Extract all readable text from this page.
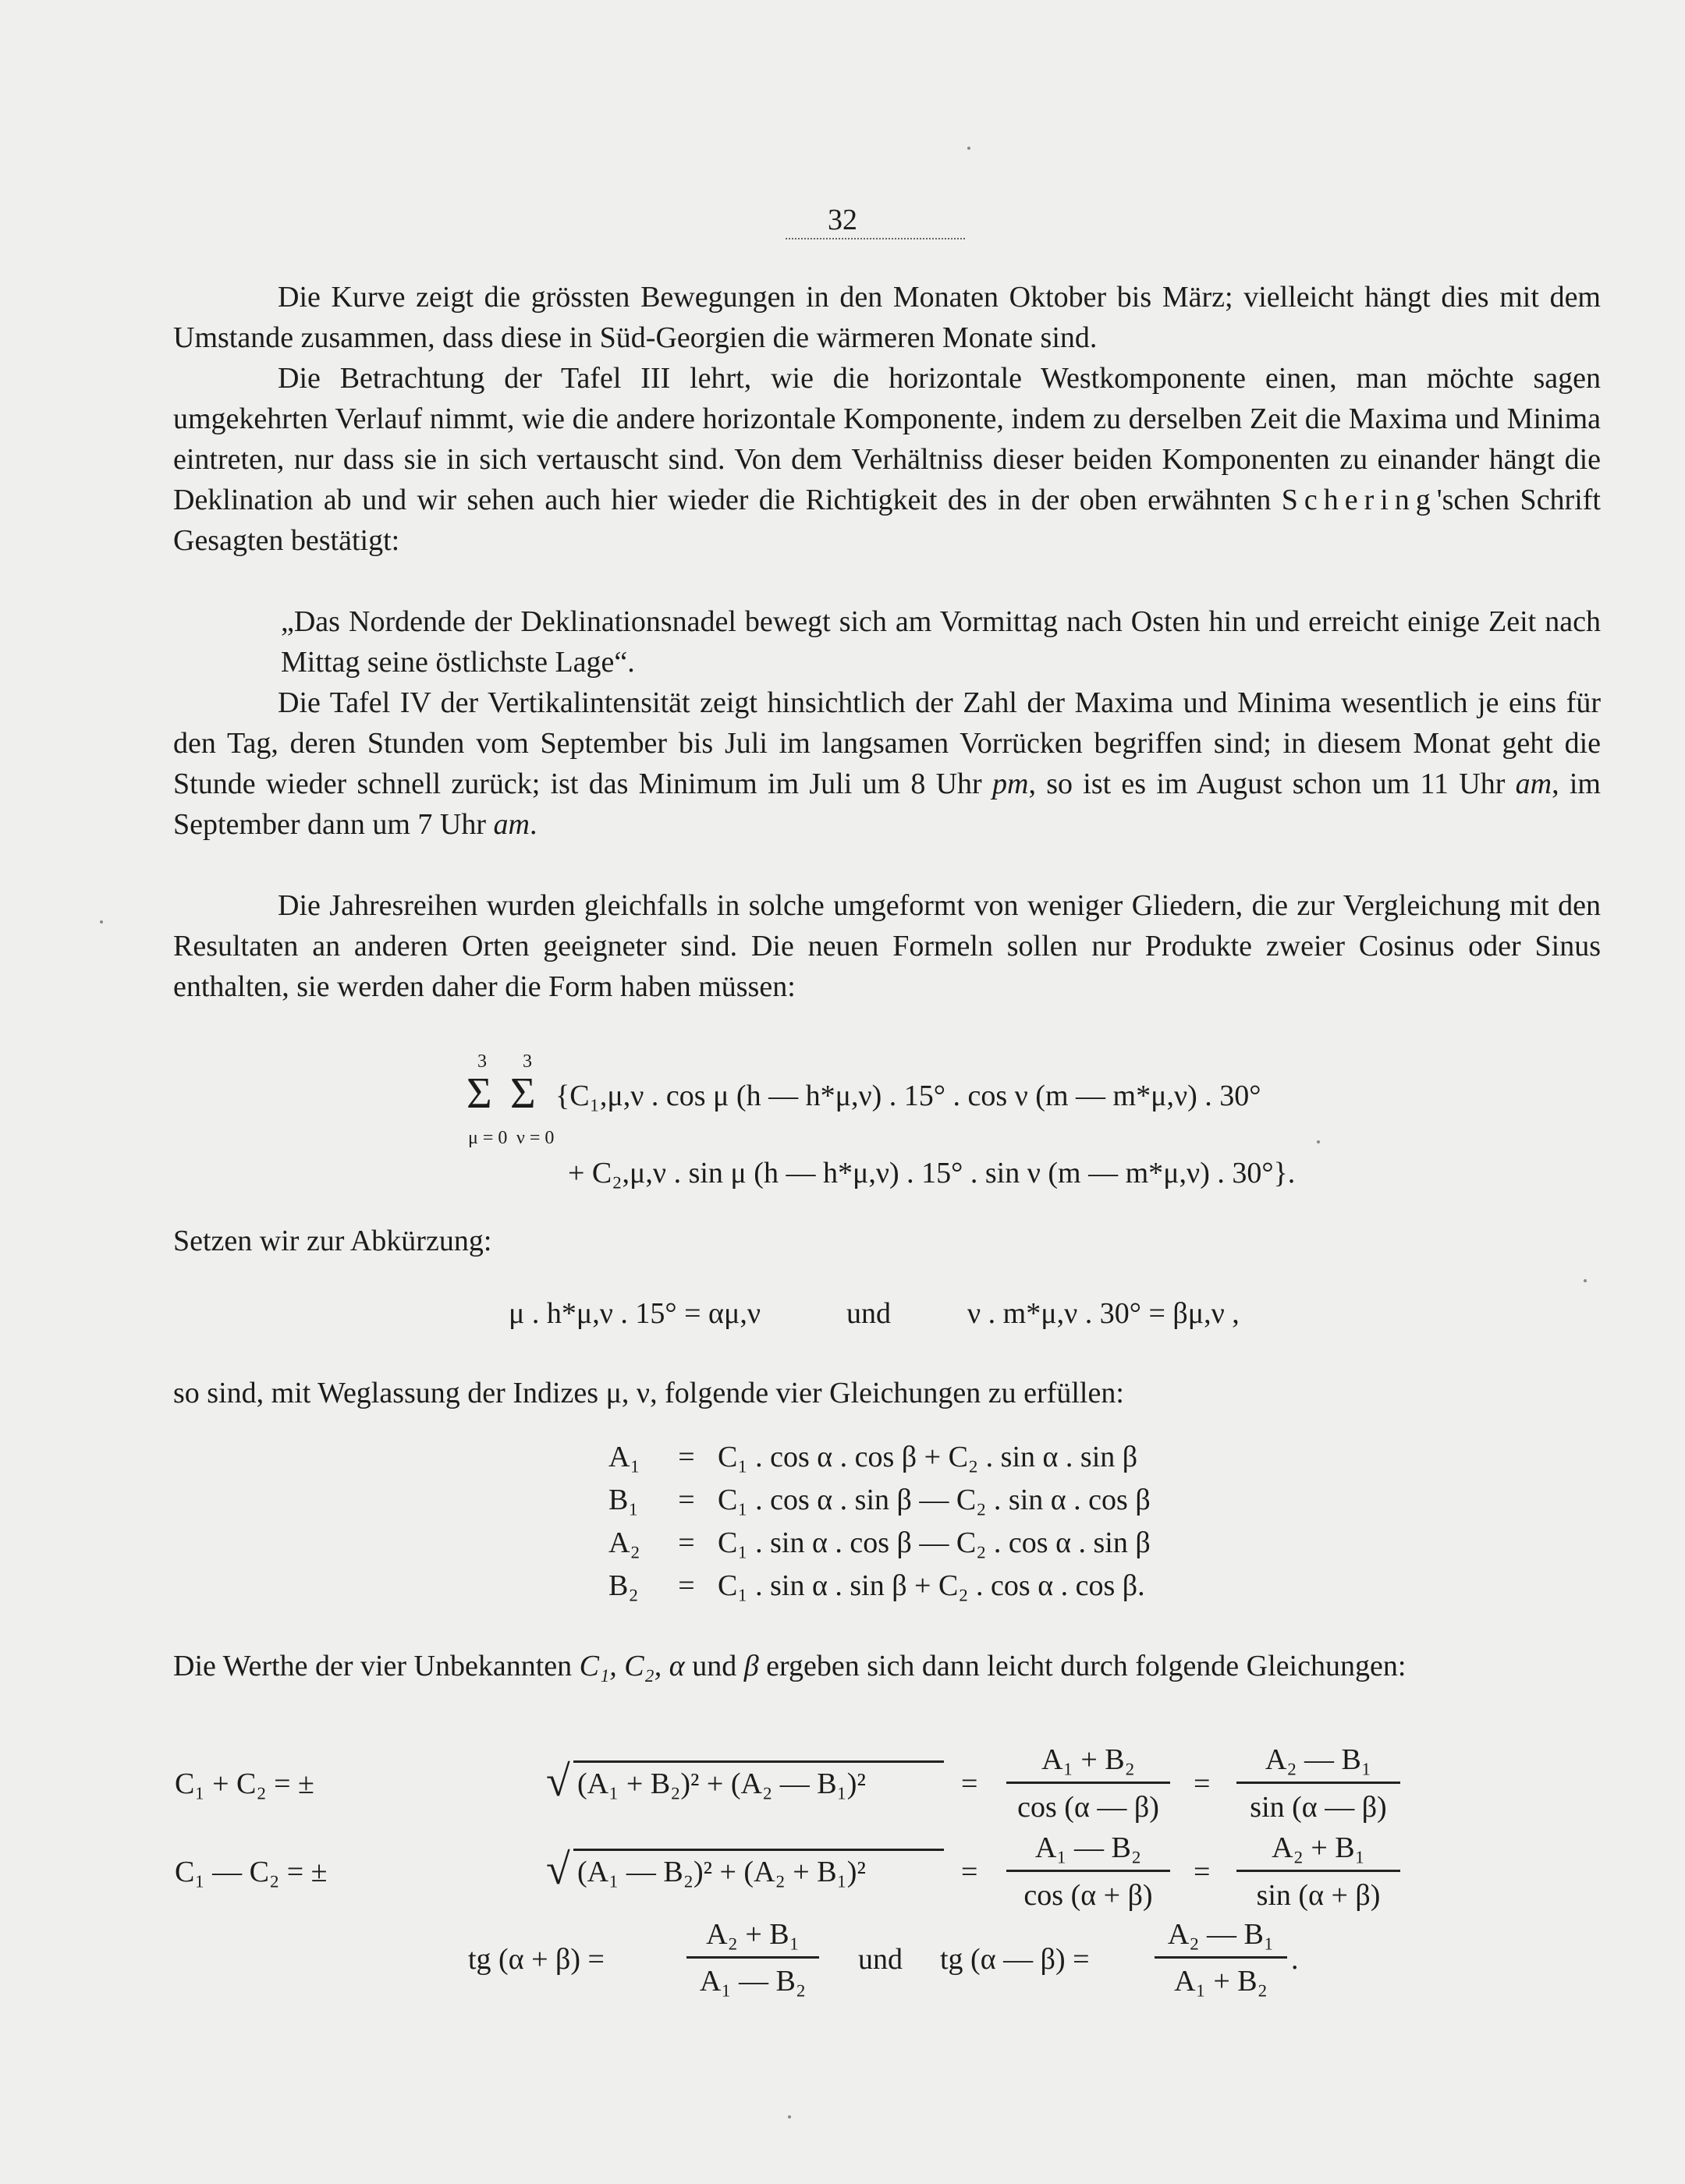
32
Die Kurve zeigt die grössten Bewegungen in den Monaten Oktober bis März; vielleicht hängt dies mit dem Umstande zusammen, dass diese in Süd-Georgien die wärmeren Monate sind.
Die Betrachtung der Tafel III lehrt, wie die horizontale Westkomponente einen, man möchte sagen umgekehrten Verlauf nimmt, wie die andere horizontale Komponente, indem zu derselben Zeit die Maxima und Minima eintreten, nur dass sie in sich vertauscht sind. Von dem Verhältniss dieser beiden Komponenten zu einander hängt die Deklination ab und wir sehen auch hier wieder die Richtigkeit des in der oben erwähnten Schering'schen Schrift Gesagten bestätigt:
„Das Nordende der Deklinationsnadel bewegt sich am Vormittag nach Osten hin und erreicht einige Zeit nach Mittag seine östlichste Lage“.
Die Tafel IV der Vertikalintensität zeigt hinsichtlich der Zahl der Maxima und Minima wesentlich je eins für den Tag, deren Stunden vom September bis Juli im langsamen Vorrücken begriffen sind; in diesem Monat geht die Stunde wieder schnell zurück; ist das Minimum im Juli um 8 Uhr pm, so ist es im August schon um 11 Uhr am, im September dann um 7 Uhr am.
Die Jahresreihen wurden gleichfalls in solche umgeformt von weniger Gliedern, die zur Vergleichung mit den Resultaten an anderen Orten geeigneter sind. Die neuen Formeln sollen nur Produkte zweier Cosinus oder Sinus enthalten, sie werden daher die Form haben müssen:
3 3
Σ Σ
μ = 0 ν = 0
{C₁,μ,ν . cos μ (h — h*μ,ν) . 15° . cos ν (m — m*μ,ν) . 30°
+ C₂,μ,ν . sin μ (h — h*μ,ν) . 15° . sin ν (m — m*μ,ν) . 30°}.
Setzen wir zur Abkürzung:
μ . h*μ,ν . 15° = αμ,ν	und	ν . m*μ,ν . 30° = βμ,ν ,
so sind, mit Weglassung der Indizes μ, ν, folgende vier Gleichungen zu erfüllen:
A₁ = C₁ . cos α . cos β + C₂ . sin α . sin β
B₁ = C₁ . cos α . sin β — C₂ . sin α . cos β
A₂ = C₁ . sin α . cos β — C₂ . cos α . sin β
B₂ = C₁ . sin α . sin β + C₂ . cos α . cos β.
Die Werthe der vier Unbekannten C₁, C₂, α und β ergeben sich dann leicht durch folgende Gleichungen:
C₁ + C₂ = ±	√ (A₁ + B₂)² + (A₂ — B₁)²	=
A₁ + B₂
cos (α — β)
=
A₂ — B₁
sin (α — β)
C₁ — C₂ = ±	√ (A₁ — B₂)² + (A₂ + B₁)²	=
A₁ — B₂
cos (α + β)
=
A₂ + B₁
sin (α + β)
tg (α + β) =
A₂ + B₁
A₁ — B₂
und tg (α — β) =
A₂ — B₁
A₁ + B₂
.
